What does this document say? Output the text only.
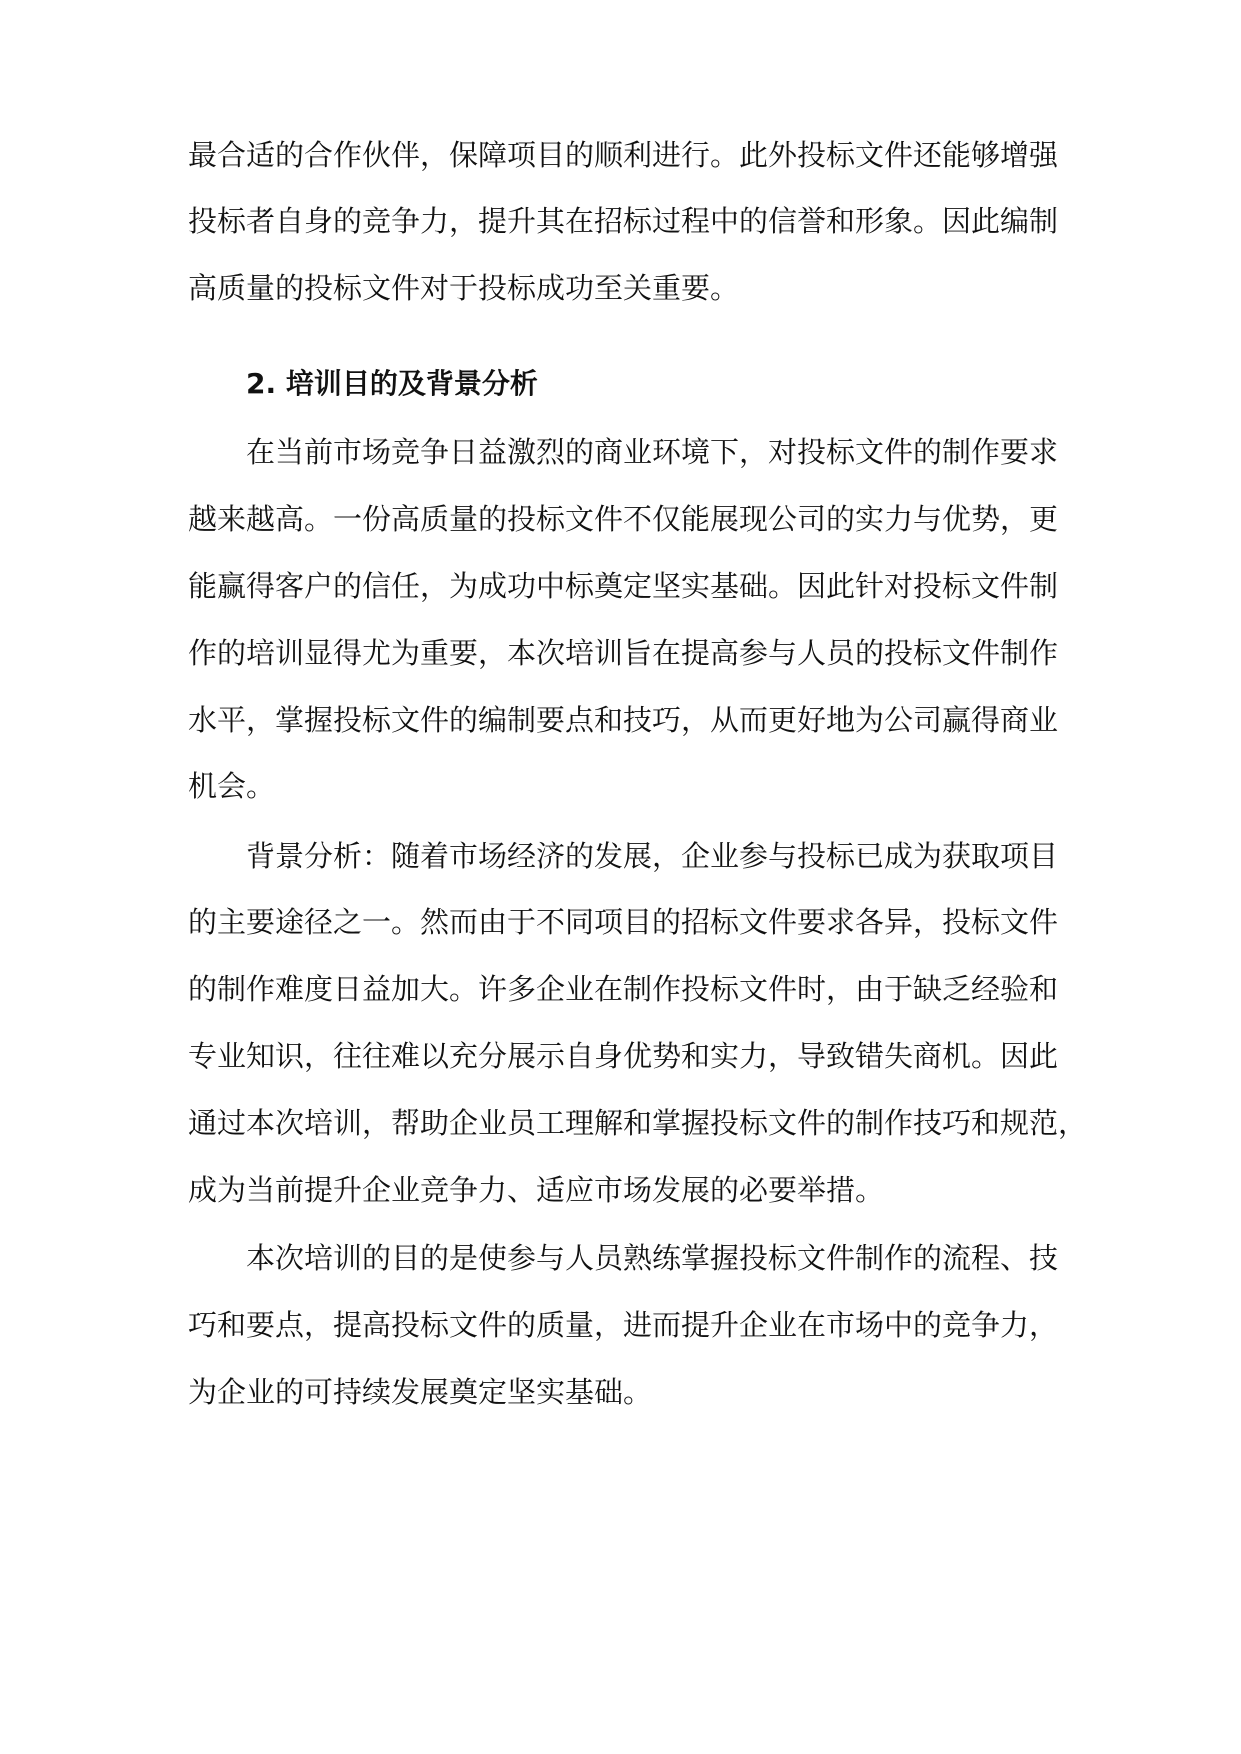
最合适的合作伙伴，保障项目的顺利进行。此外投标文件还能够增强
投标者自身的竞争力，提升其在招标过程中的信誉和形象。因此编制
高质量的投标文件对于投标成功至关重要。
2. 培训目的及背景分析
在当前市场竞争日益激烈的商业环境下，对投标文件的制作要求
越来越高。一份高质量的投标文件不仅能展现公司的实力与优势，更
能赢得客户的信任，为成功中标奠定坚实基础。因此针对投标文件制
作的培训显得尤为重要，本次培训旨在提高参与人员的投标文件制作
水平，掌握投标文件的编制要点和技巧，从而更好地为公司赢得商业
机会。
背景分析：随着市场经济的发展，企业参与投标已成为获取项目
的主要途径之一。然而由于不同项目的招标文件要求各异，投标文件
的制作难度日益加大。许多企业在制作投标文件时，由于缺乏经验和
专业知识，往往难以充分展示自身优势和实力，导致错失商机。因此
通过本次培训，帮助企业员工理解和掌握投标文件的制作技巧和规范，
成为当前提升企业竞争力、适应市场发展的必要举措。
本次培训的目的是使参与人员熟练掌握投标文件制作的流程、技
巧和要点，提高投标文件的质量，进而提升企业在市场中的竞争力，
为企业的可持续发展奠定坚实基础。
